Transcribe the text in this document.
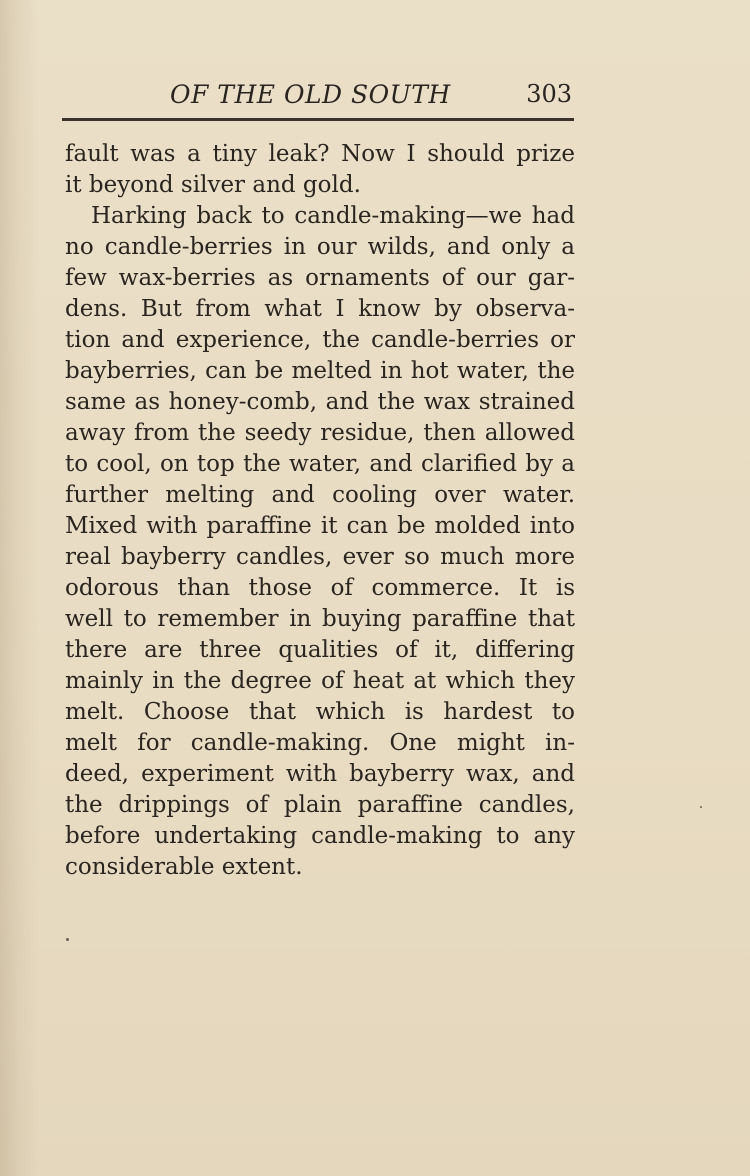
OF THE OLD SOUTH	303
fault was a tiny leak? Now I should prize
it beyond silver and gold.
Harking back to candle-making—we had
no candle-berries in our wilds, and only a
few wax-berries as ornaments of our gar-
dens. But from what I know by observa-
tion and experience, the candle-berries or
bayberries, can be melted in hot water, the
same as honey-comb, and the wax strained
away from the seedy residue, then allowed
to cool, on top the water, and clarified by a
further melting and cooling over water.
Mixed with paraffine it can be molded into
real bayberry candles, ever so much more
odorous than those of commerce. It is
well to remember in buying paraffine that
there are three qualities of it, differing
mainly in the degree of heat at which they
melt. Choose that which is hardest to
melt for candle-making. One might in-
deed, experiment with bayberry wax, and
the drippings of plain paraffine candles,
before undertaking candle-making to any
considerable extent.
